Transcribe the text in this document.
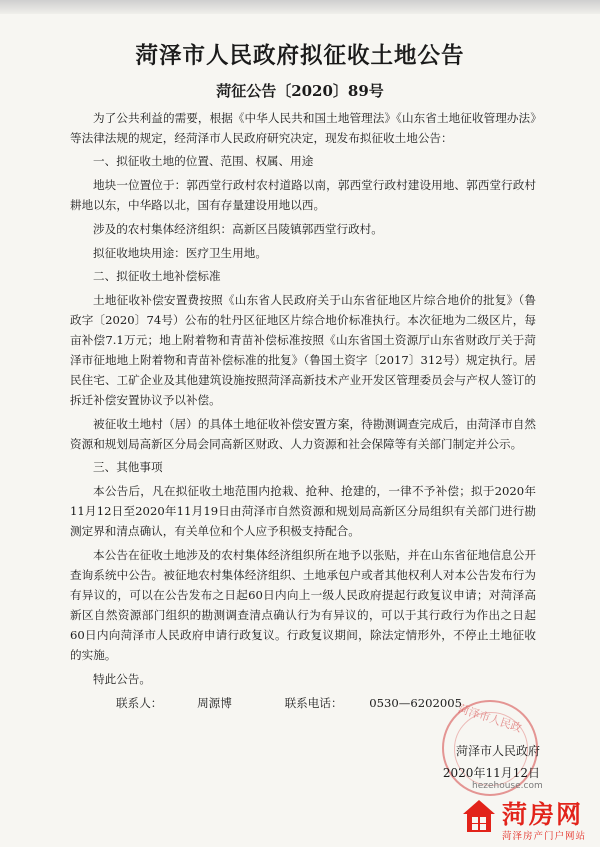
菏泽市人民政府拟征收土地公告
菏征公告〔2020〕89号

为了公共利益的需要，根据《中华人民共和国土地管理法》《山东省土地征收管理办法》等法律法规的规定，经菏泽市人民政府研究决定，现发布拟征收土地公告：

一、拟征收土地的位置、范围、权属、用途

地块一位置位于：郭西堂行政村农村道路以南，郭西堂行政村建设用地、郭西堂行政村耕地以东，中华路以北，国有存量建设用地以西。

涉及的农村集体经济组织：高新区吕陵镇郭西堂行政村。

拟征收地块用途：医疗卫生用地。

二、拟征收土地补偿标准

土地征收补偿安置费按照《山东省人民政府关于山东省征地区片综合地价的批复》（鲁政字〔2020〕74号）公布的牡丹区征地区片综合地价标准执行。本次征地为二级区片，每亩补偿7.1万元；地上附着物和青苗补偿标准按照《山东省国土资源厅山东省财政厅关于菏泽市征地地上附着物和青苗补偿标准的批复》（鲁国土资字〔2017〕312号）规定执行。居民住宅、工矿企业及其他建筑设施按照菏泽高新技术产业开发区管理委员会与产权人签订的拆迁补偿安置协议予以补偿。

被征收土地村（居）的具体土地征收补偿安置方案，待勘测调查完成后，由菏泽市自然资源和规划局高新区分局会同高新区财政、人力资源和社会保障等有关部门制定并公示。

三、其他事项

本公告后，凡在拟征收土地范围内抢栽、抢种、抢建的，一律不予补偿；拟于2020年11月12日至2020年11月19日由菏泽市自然资源和规划局高新区分局组织有关部门进行勘测定界和清点确认，有关单位和个人应予积极支持配合。

本公告在征收土地涉及的农村集体经济组织所在地予以张贴，并在山东省征地信息公开查询系统中公告。被征地农村集体经济组织、土地承包户或者其他权利人对本公告发布行为有异议的，可以在公告发布之日起60日内向上一级人民政府提起行政复议申请；对菏泽高新区自然资源部门组织的勘测调查清点确认行为有异议的，可以于其行政行为作出之日起60日内向菏泽市人民政府申请行政复议。行政复议期间，除法定情形外，不停止土地征收的实施。

特此公告。

联系人：	周源博	联系电话： 0530—6202005

菏泽市人民政
菏泽市人民政府
2020年11月12日
hezehouse.com
菏房网
菏泽房产门户网站
